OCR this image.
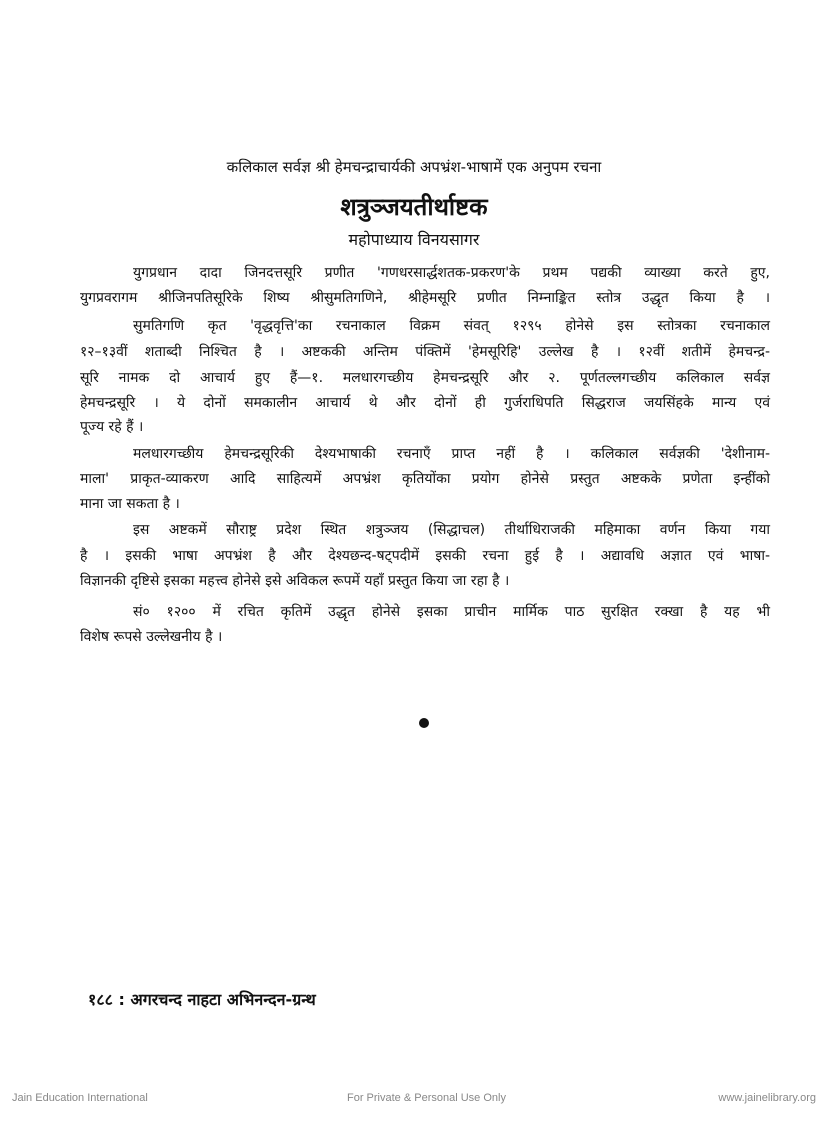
कलिकाल सर्वज्ञ श्री हेमचन्द्राचार्यकी अपभ्रंश-भाषामें एक अनुपम रचना
शत्रुञ्जयतीर्थाष्टक
महोपाध्याय विनयसागर
युगप्रधान दादा जिनदत्तसूरि प्रणीत 'गणधरसार्द्धशतक-प्रकरण'के प्रथम पद्यकी व्याख्या करते हुए,
युगप्रवरागम श्रीजिनपतिसूरिके शिष्य श्रीसुमतिगणिने, श्रीहेमसूरि प्रणीत निम्नाङ्कित स्तोत्र उद्धृत किया है ।
सुमतिगणि कृत 'वृद्धवृत्ति'का रचनाकाल विक्रम संवत् १२९५ होनेसे इस स्तोत्रका रचनाकाल
१२–१३वीं शताब्दी निश्चित है । अष्टककी अन्तिम पंक्तिमें 'हेमसूरिहि' उल्लेख है । १२वीं शतीमें हेमचन्द्र-
सूरि नामक दो आचार्य हुए हैं—१. मलधारगच्छीय हेमचन्द्रसूरि और २. पूर्णतल्लगच्छीय कलिकाल सर्वज्ञ
हेमचन्द्रसूरि । ये दोनों समकालीन आचार्य थे और दोनों ही गुर्जराधिपति सिद्धराज जयसिंहके मान्य एवं
पूज्य रहे हैं ।
मलधारगच्छीय हेमचन्द्रसूरिकी देश्यभाषाकी रचनाएँ प्राप्त नहीं है । कलिकाल सर्वज्ञकी 'देशीनाम-
माला' प्राकृत-व्याकरण आदि साहित्यमें अपभ्रंश कृतियोंका प्रयोग होनेसे प्रस्तुत अष्टकके प्रणेता इन्हींको
माना जा सकता है ।
इस अष्टकमें सौराष्ट्र प्रदेश स्थित शत्रुञ्जय (सिद्धाचल) तीर्थाधिराजकी महिमाका वर्णन किया गया
है । इसकी भाषा अपभ्रंश है और देश्यछन्द-षट्पदीमें इसकी रचना हुई है । अद्यावधि अज्ञात एवं भाषा-
विज्ञानकी दृष्टिसे इसका महत्त्व होनेसे इसे अविकल रूपमें यहाँ प्रस्तुत किया जा रहा है ।
सं० १२०० में रचित कृतिमें उद्धृत होनेसे इसका प्राचीन मार्मिक पाठ सुरक्षित रक्खा है यह भी
विशेष रूपसे उल्लेखनीय है ।
१८८ : अगरचन्द नाहटा अभिनन्दन-ग्रन्थ
Jain Education International	For Private & Personal Use Only	www.jainelibrary.org
